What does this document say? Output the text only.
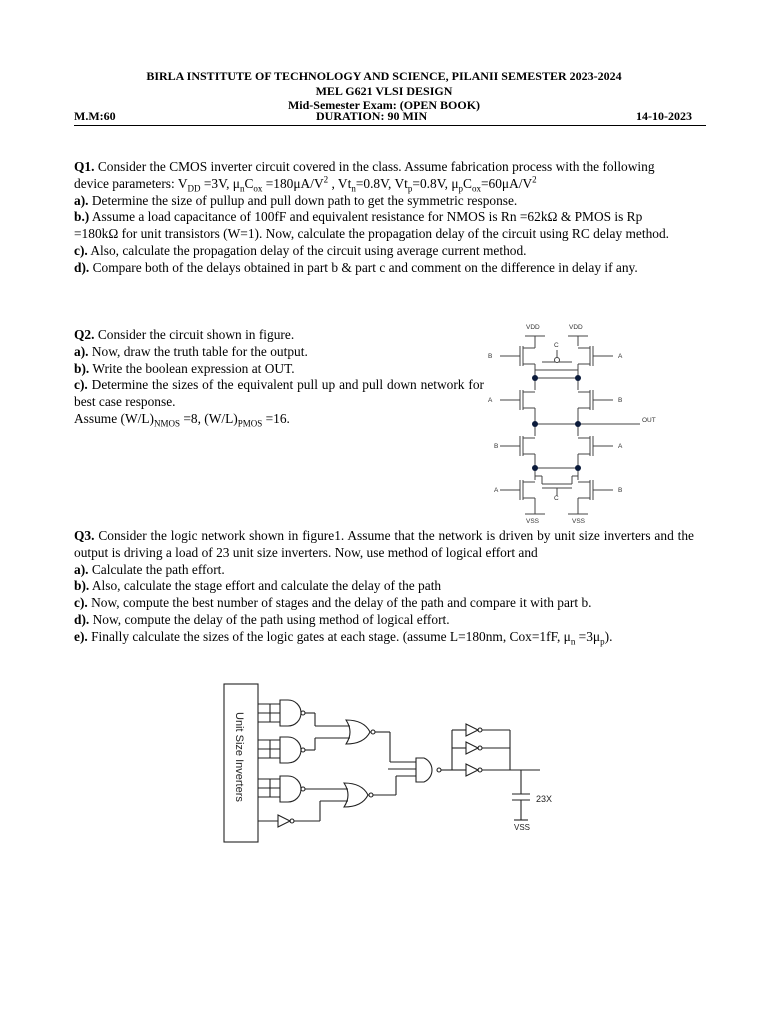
BIRLA INSTITUTE OF TECHNOLOGY AND SCIENCE, PILANII SEMESTER 2023-2024
MEL G621 VLSI DESIGN
Mid-Semester Exam: (OPEN BOOK)
M.M:60	DURATION: 90 MIN	14-10-2023

Q1. Consider the CMOS inverter circuit covered in the class. Assume fabrication process with the following device parameters: $V_{DD} =3V$, $\mu_nC_{ox} =180\mu A/V^2$ , $Vt_n=0.8V$, $Vt_p=0.8V$, $\mu_pC_{ox}=60\mu A/V^2$

a). Determine the size of pullup and pull down path to get the symmetric response.

b.) Assume a load capacitance of 100fF and equivalent resistance for NMOS is Rn =62kΩ & PMOS is Rp =180kΩ for unit transistors (W=1). Now, calculate the propagation delay of the circuit using RC delay method.

c). Also, calculate the propagation delay of the circuit using average current method.

d). Compare both of the delays obtained in part b & part c and comment on the difference in delay if any.

Q2. Consider the circuit shown in figure.

a). Now, draw the truth table for the output.

b). Write the boolean expression at OUT.

c). Determine the sizes of the equivalent pull up and pull down network for best case response.

Assume $(W/L)_{NMOS} =8$, $(W/L)_{PMOS} =16$.

VDD	VDD
C
B	A
A	B
OUT
B	A
A	B
C
VSS	VSS

Q3. Consider the logic network shown in figure1. Assume that the network is driven by unit size inverters and the output is driving a load of 23 unit size inverters. Now, use method of logical effort and

a). Calculate the path effort.

b). Also, calculate the stage effort and calculate the delay of the path

c). Now, compute the best number of stages and the delay of the path and compare it with part b.

d). Now, compute the delay of the path using method of logical effort.

e). Finally calculate the sizes of the logic gates at each stage. (assume L=180nm, Cox=1fF, $\mu_n =3\mu_p$).

Unit Size Inverters	23X
VSS
